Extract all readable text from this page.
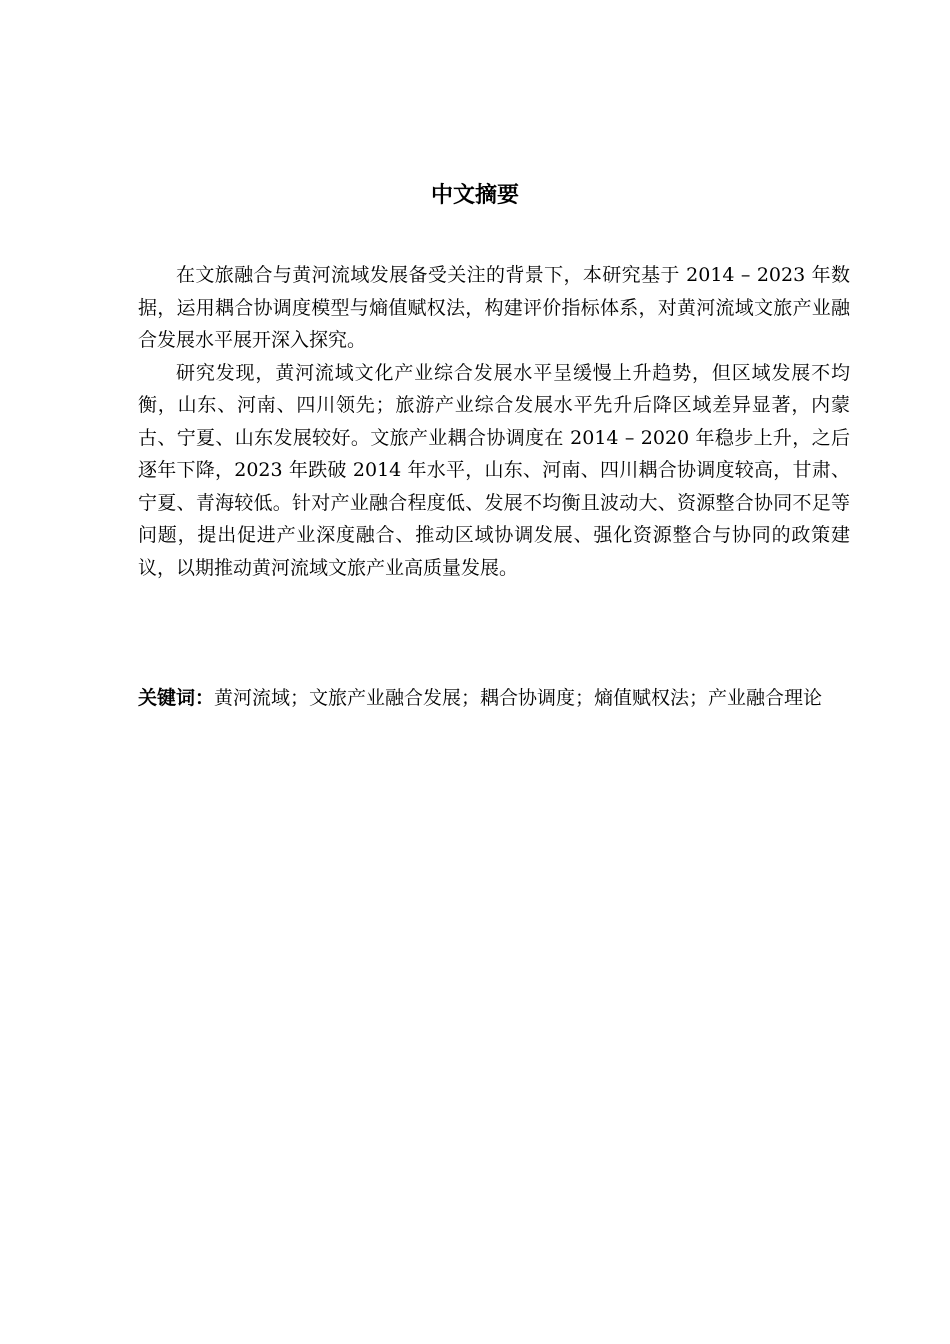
中文摘要

在文旅融合与黄河流域发展备受关注的背景下，本研究基于 2014 – 2023 年数据，运用耦合协调度模型与熵值赋权法，构建评价指标体系，对黄河流域文旅产业融合发展水平展开深入探究。

研究发现，黄河流域文化产业综合发展水平呈缓慢上升趋势，但区域发展不均衡，山东、河南、四川领先；旅游产业综合发展水平先升后降区域差异显著，内蒙古、宁夏、山东发展较好。文旅产业耦合协调度在 2014 – 2020 年稳步上升，之后逐年下降，2023 年跌破 2014 年水平，山东、河南、四川耦合协调度较高，甘肃、宁夏、青海较低。针对产业融合程度低、发展不均衡且波动大、资源整合协同不足等问题，提出促进产业深度融合、推动区域协调发展、强化资源整合与协同的政策建议，以期推动黄河流域文旅产业高质量发展。

关键词：黄河流域；文旅产业融合发展；耦合协调度；熵值赋权法；产业融合理论
